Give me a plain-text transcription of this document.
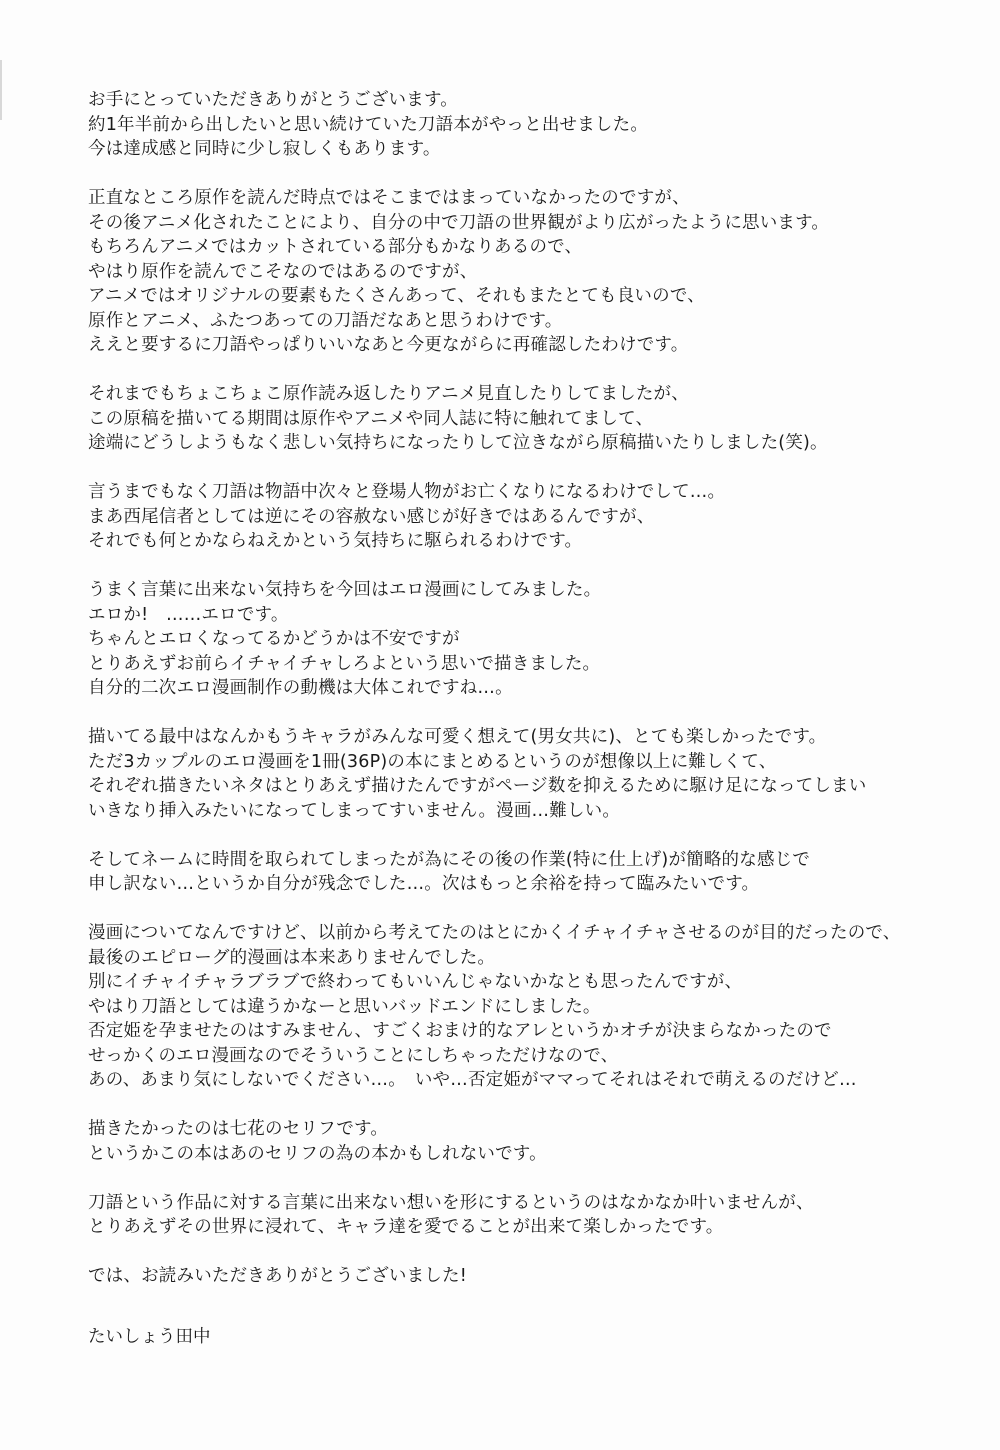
お手にとっていただきありがとうございます。
約1年半前から出したいと思い続けていた刀語本がやっと出せました。
今は達成感と同時に少し寂しくもあります。
正直なところ原作を読んだ時点ではそこまではまっていなかったのですが、
その後アニメ化されたことにより、自分の中で刀語の世界観がより広がったように思います。
もちろんアニメではカットされている部分もかなりあるので、
やはり原作を読んでこそなのではあるのですが、
アニメではオリジナルの要素もたくさんあって、それもまたとても良いので、
原作とアニメ、ふたつあっての刀語だなあと思うわけです。
ええと要するに刀語やっぱりいいなあと今更ながらに再確認したわけです。
それまでもちょこちょこ原作読み返したりアニメ見直したりしてましたが、
この原稿を描いてる期間は原作やアニメや同人誌に特に触れてまして、
途端にどうしようもなく悲しい気持ちになったりして泣きながら原稿描いたりしました(笑)。
言うまでもなく刀語は物語中次々と登場人物がお亡くなりになるわけでして…。
まあ西尾信者としては逆にその容赦ない感じが好きではあるんですが、
それでも何とかならねえかという気持ちに駆られるわけです。
うまく言葉に出来ない気持ちを今回はエロ漫画にしてみました。
エロか!　……エロです。
ちゃんとエロくなってるかどうかは不安ですが
とりあえずお前らイチャイチャしろよという思いで描きました。
自分的二次エロ漫画制作の動機は大体これですね…。
描いてる最中はなんかもうキャラがみんな可愛く想えて(男女共に)、とても楽しかったです。
ただ3カップルのエロ漫画を1冊(36P)の本にまとめるというのが想像以上に難しくて、
それぞれ描きたいネタはとりあえず描けたんですがページ数を抑えるために駆け足になってしまい
いきなり挿入みたいになってしまってすいません。漫画…難しい。
そしてネームに時間を取られてしまったが為にその後の作業(特に仕上げ)が簡略的な感じで
申し訳ない…というか自分が残念でした…。次はもっと余裕を持って臨みたいです。
漫画についてなんですけど、以前から考えてたのはとにかくイチャイチャさせるのが目的だったので、
最後のエピローグ的漫画は本来ありませんでした。
別にイチャイチャラブラブで終わってもいいんじゃないかなとも思ったんですが、
やはり刀語としては違うかなーと思いバッドエンドにしました。
否定姫を孕ませたのはすみません、すごくおまけ的なアレというかオチが決まらなかったので
せっかくのエロ漫画なのでそういうことにしちゃっただけなので、
あの、あまり気にしないでください…。　いや…否定姫がママってそれはそれで萌えるのだけど…
描きたかったのは七花のセリフです。
というかこの本はあのセリフの為の本かもしれないです。
刀語という作品に対する言葉に出来ない想いを形にするというのはなかなか叶いませんが、
とりあえずその世界に浸れて、キャラ達を愛でることが出来て楽しかったです。
では、お読みいただきありがとうございました!
たいしょう田中
